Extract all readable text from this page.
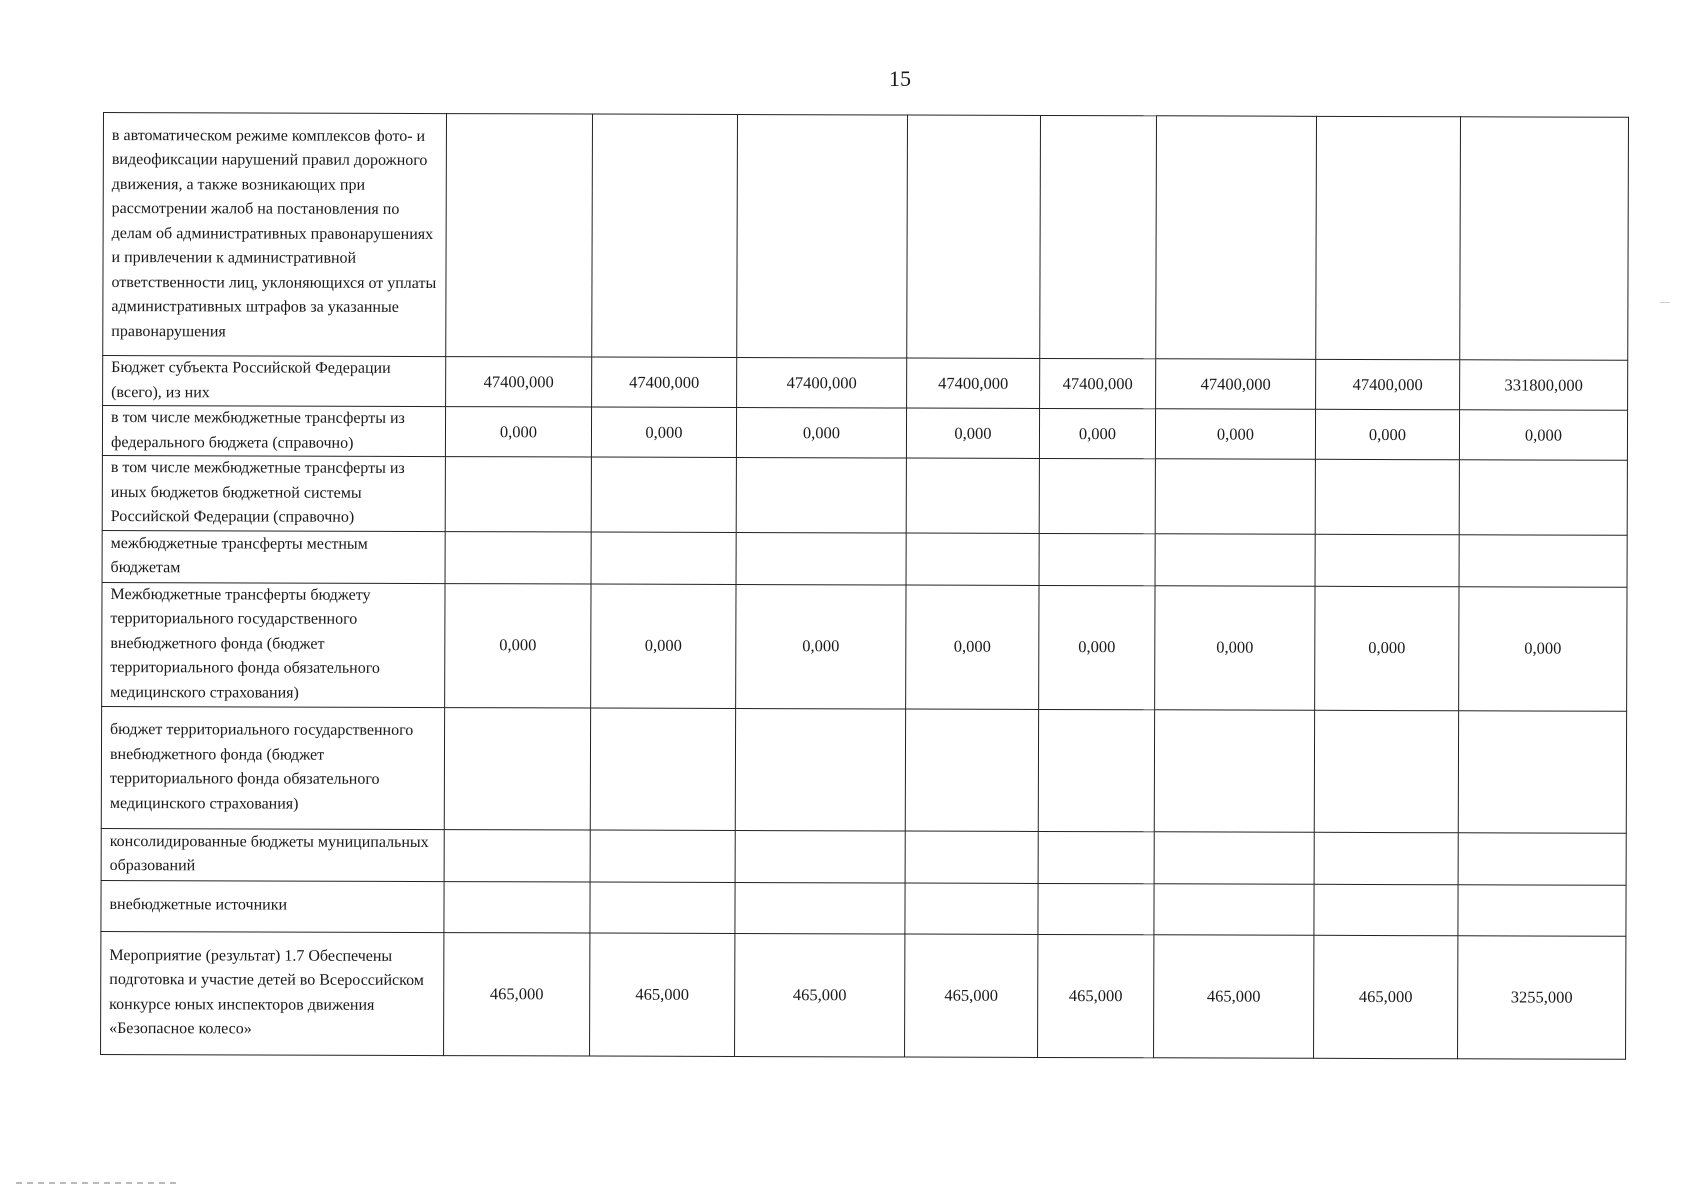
15
в автоматическом режиме комплексов фото- и видеофиксации нарушений правил дорожного движения, а также возникающих при рассмотрении жалоб на постановления по делам об административных правонарушениях и привлечении к административной ответственности лиц, уклоняющихся от уплаты административных штрафов за указанные правонарушения								
Бюджет субъекта Российской Федерации (всего), из них	47400,000	47400,000	47400,000	47400,000	47400,000	47400,000	47400,000	331800,000
в том числе межбюджетные трансферты из федерального бюджета (справочно)	0,000	0,000	0,000	0,000	0,000	0,000	0,000	0,000
в том числе межбюджетные трансферты из иных бюджетов бюджетной системы Российской Федерации (справочно)								
межбюджетные трансферты местным бюджетам								
Межбюджетные трансферты бюджету территориального государственного внебюджетного фонда (бюджет территориального фонда обязательного медицинского страхования)	0,000	0,000	0,000	0,000	0,000	0,000	0,000	0,000
бюджет территориального государственного внебюджетного фонда (бюджет территориального фонда обязательного медицинского страхования)								
консолидированные бюджеты муниципальных образований								
внебюджетные источники								
Мероприятие (результат) 1.7 Обеспечены подготовка и участие детей во Всероссийском конкурсе юных инспекторов движения «Безопасное колесо»	465,000	465,000	465,000	465,000	465,000	465,000	465,000	3255,000
